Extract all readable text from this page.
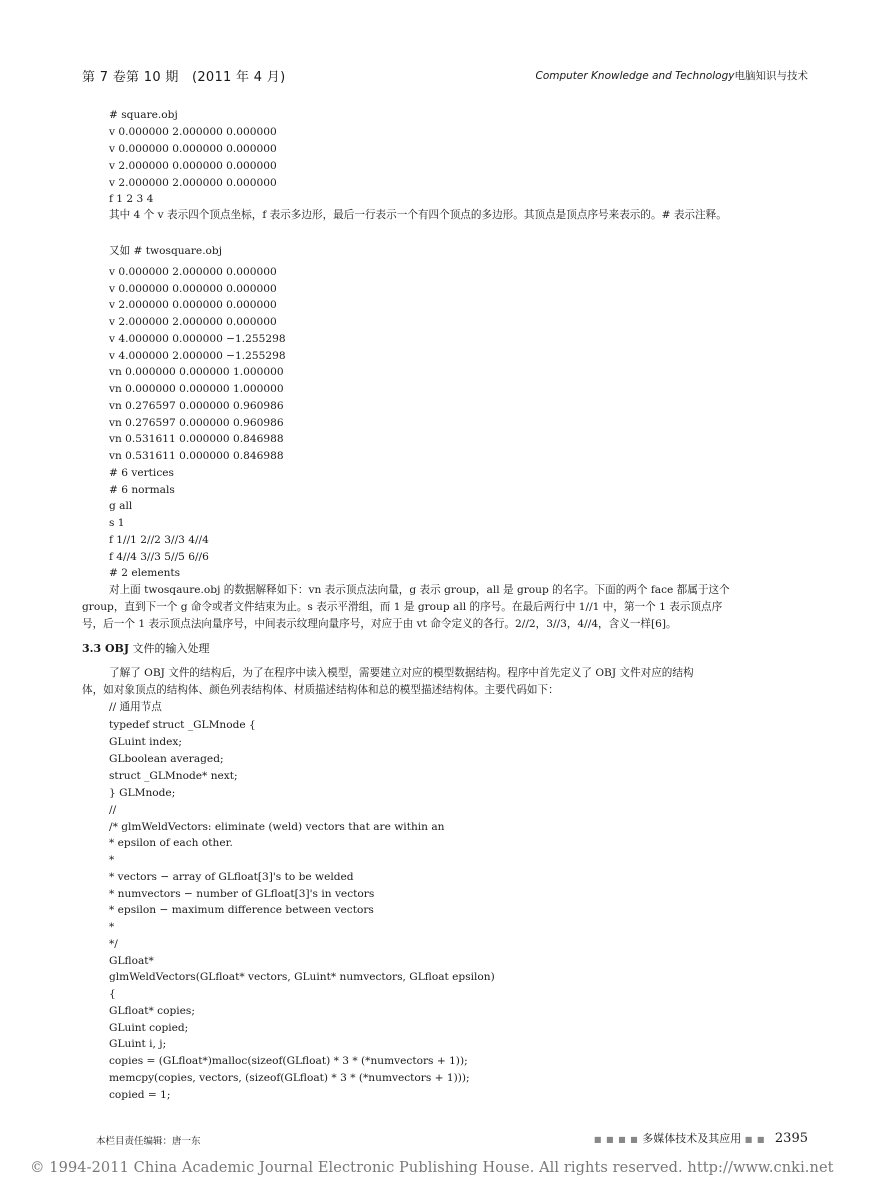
第 7 卷第 10 期　(2011 年 4 月)	Computer Knowledge and Technology电脑知识与技术
# square.obj
v 0.000000 2.000000 0.000000
v 0.000000 0.000000 0.000000
v 2.000000 0.000000 0.000000
v 2.000000 2.000000 0.000000
f 1 2 3 4
其中 4 个 v 表示四个顶点坐标，f 表示多边形，最后一行表示一个有四个顶点的多边形。其顶点是顶点序号来表示的。# 表示注释。
又如 # twosquare.obj
v 0.000000 2.000000 0.000000
v 0.000000 0.000000 0.000000
v 2.000000 0.000000 0.000000
v 2.000000 2.000000 0.000000
v 4.000000 0.000000 −1.255298
v 4.000000 2.000000 −1.255298
vn 0.000000 0.000000 1.000000
vn 0.000000 0.000000 1.000000
vn 0.276597 0.000000 0.960986
vn 0.276597 0.000000 0.960986
vn 0.531611 0.000000 0.846988
vn 0.531611 0.000000 0.846988
# 6 vertices
# 6 normals
g all
s 1
f 1//1 2//2 3//3 4//4
f 4//4 3//3 5//5 6//6
# 2 elements
对上面 twosqaure.obj 的数据解释如下：vn 表示顶点法向量，g 表示 group，all 是 group 的名字。下面的两个 face 都属于这个
group，直到下一个 g 命令或者文件结束为止。s 表示平滑组，而 1 是 group all 的序号。在最后两行中 1//1 中，第一个 1 表示顶点序
号，后一个 1 表示顶点法向量序号，中间表示纹理向量序号，对应于由 vt 命令定义的各行。2//2，3//3，4//4，含义一样[6]。
3.3 OBJ 文件的输入处理
了解了 OBJ 文件的结构后，为了在程序中读入模型，需要建立对应的模型数据结构。程序中首先定义了 OBJ 文件对应的结构
体，如对象顶点的结构体、颜色列表结构体、材质描述结构体和总的模型描述结构体。主要代码如下：
// 通用节点
typedef struct _GLMnode {
GLuint index;
GLboolean averaged;
struct _GLMnode* next;
} GLMnode;
//
/* glmWeldVectors: eliminate (weld) vectors that are within an
* epsilon of each other.
*
* vectors − array of GLfloat[3]'s to be welded
* numvectors − number of GLfloat[3]'s in vectors
* epsilon − maximum difference between vectors
*
*/
GLfloat*
glmWeldVectors(GLfloat* vectors, GLuint* numvectors, GLfloat epsilon)
{
GLfloat* copies;
GLuint copied;
GLuint i, j;
copies = (GLfloat*)malloc(sizeof(GLfloat) * 3 * (*numvectors + 1));
memcpy(copies, vectors, (sizeof(GLfloat) * 3 * (*numvectors + 1)));
copied = 1;
本栏目责任编辑：唐一东	■ ■ ■ ■ 多媒体技术及其应用 ■ ■ 2395
© 1994-2011 China Academic Journal Electronic Publishing House. All rights reserved. http://www.cnki.net
